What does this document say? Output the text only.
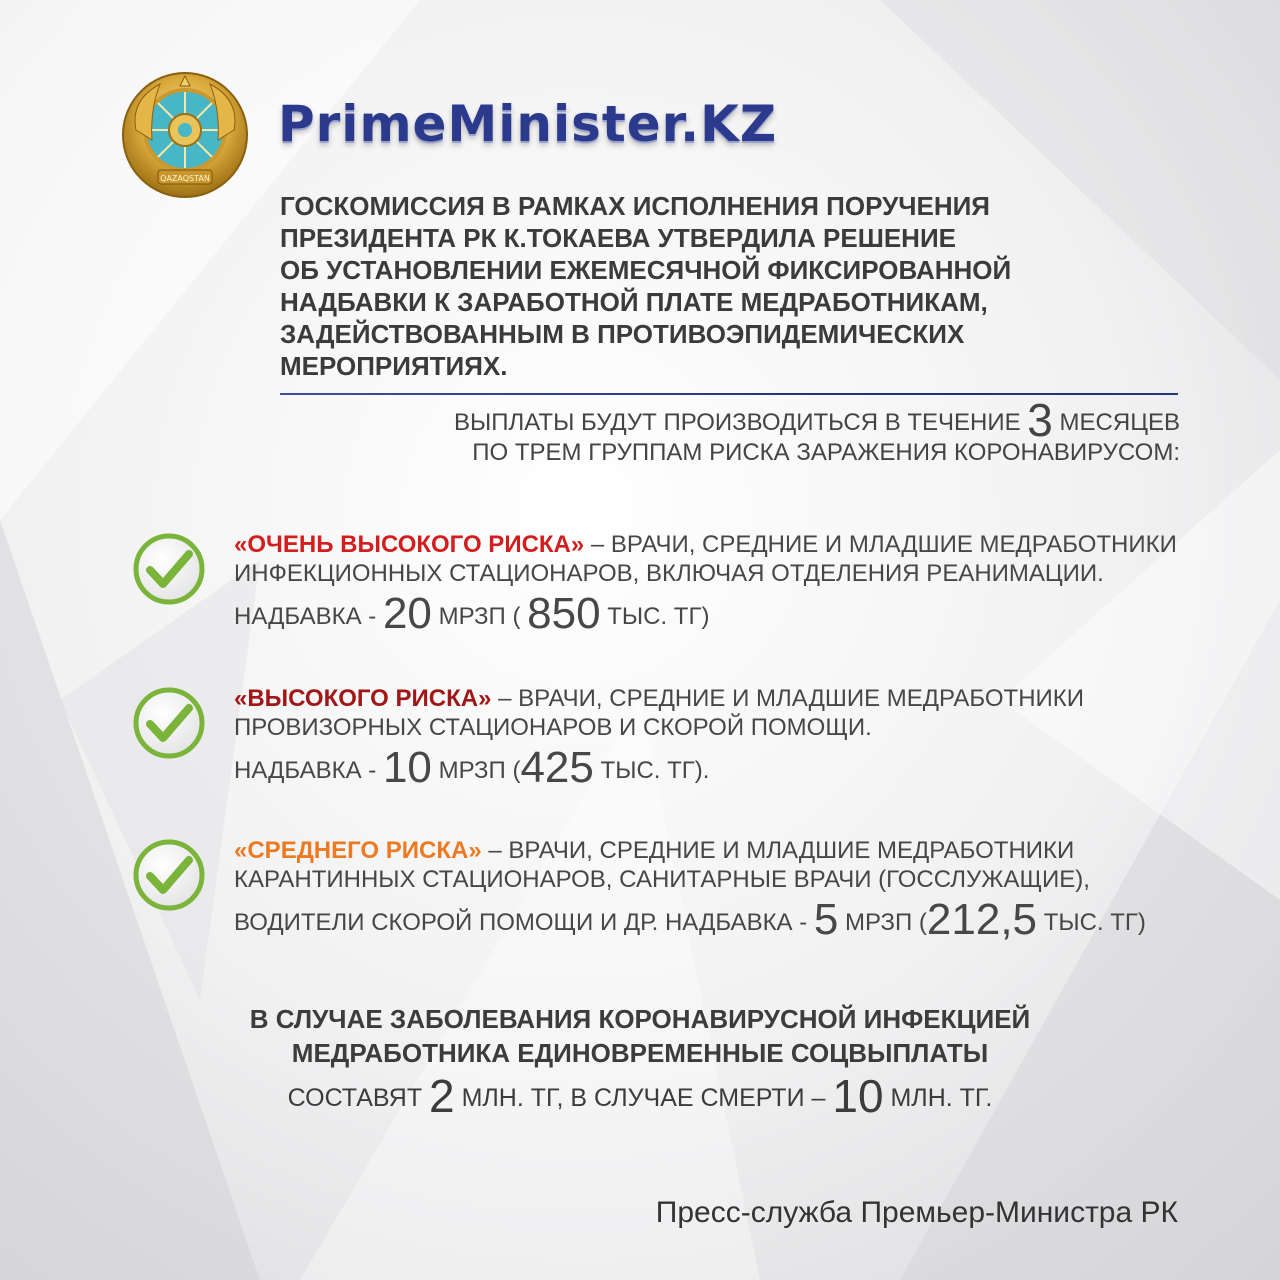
QAZAQSTAN
PrimeMinister.KZ
ГОСКОМИССИЯ В РАМКАХ ИСПОЛНЕНИЯ ПОРУЧЕНИЯ
ПРЕЗИДЕНТА РК К.ТОКАЕВА УТВЕРДИЛА РЕШЕНИЕ
ОБ УСТАНОВЛЕНИИ ЕЖЕМЕСЯЧНОЙ ФИКСИРОВАННОЙ
НАДБАВКИ К ЗАРАБОТНОЙ ПЛАТЕ МЕДРАБОТНИКАМ,
ЗАДЕЙСТВОВАННЫМ В ПРОТИВОЭПИДЕМИЧЕСКИХ
МЕРОПРИЯТИЯХ.
ВЫПЛАТЫ БУДУТ ПРОИЗВОДИТЬСЯ В ТЕЧЕНИЕ 3 МЕСЯЦЕВ
ПО ТРЕМ ГРУППАМ РИСКА ЗАРАЖЕНИЯ КОРОНАВИРУСОМ:
«ОЧЕНЬ ВЫСОКОГО РИСКА» – ВРАЧИ, СРЕДНИЕ И МЛАДШИЕ МЕДРАБОТНИКИ
ИНФЕКЦИОННЫХ СТАЦИОНАРОВ, ВКЛЮЧАЯ ОТДЕЛЕНИЯ РЕАНИМАЦИИ.
НАДБАВКА - 20 МРЗП ( 850 ТЫС. ТГ)
«ВЫСОКОГО РИСКА» – ВРАЧИ, СРЕДНИЕ И МЛАДШИЕ МЕДРАБОТНИКИ
ПРОВИЗОРНЫХ СТАЦИОНАРОВ И СКОРОЙ ПОМОЩИ.
НАДБАВКА - 10 МРЗП (425 ТЫС. ТГ).
«СРЕДНЕГО РИСКА» – ВРАЧИ, СРЕДНИЕ И МЛАДШИЕ МЕДРАБОТНИКИ
КАРАНТИННЫХ СТАЦИОНАРОВ, САНИТАРНЫЕ ВРАЧИ (ГОССЛУЖАЩИЕ),
ВОДИТЕЛИ СКОРОЙ ПОМОЩИ И ДР. НАДБАВКА - 5 МРЗП (212,5 ТЫС. ТГ)
В СЛУЧАЕ ЗАБОЛЕВАНИЯ КОРОНАВИРУСНОЙ ИНФЕКЦИЕЙ
МЕДРАБОТНИКА ЕДИНОВРЕМЕННЫЕ СОЦВЫПЛАТЫ
СОСТАВЯТ 2 МЛН. ТГ, В СЛУЧАЕ СМЕРТИ – 10 МЛН. ТГ.
Пресс-служба Премьер-Министра РК
